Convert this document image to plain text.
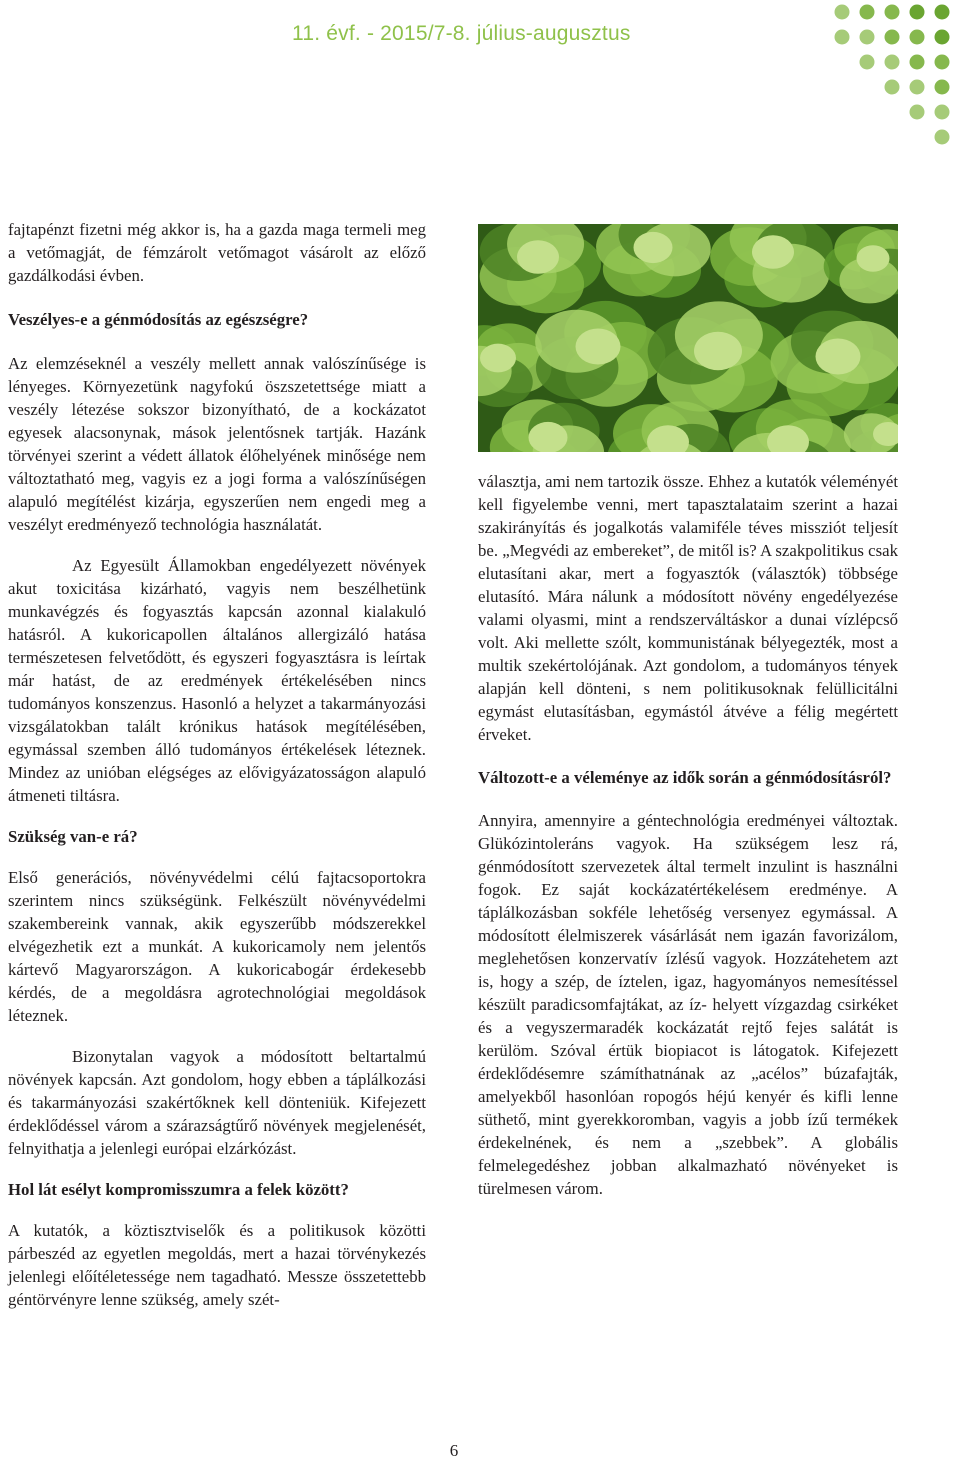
11. évf. - 2015/7-8. július-augusztus

fajtapénzt fizetni még akkor is, ha a gazda maga termeli meg a vetőmagját, de fémzárolt vetőmagot vásárolt az előző gazdálkodási évben.

Veszélyes-e a génmódosítás az egészségre?

Az elemzéseknél a veszély mellett annak valószínűsége is lényeges. Környezetünk nagyfokú öszszetettsége miatt a veszély létezése sokszor bizonyítható, de a kockázatot egyesek alacsonynak, mások jelentősnek tartják. Hazánk törvényei szerint a védett állatok élőhelyének minősége nem változtatható meg, vagyis ez a jogi forma a valószínűségen alapuló megítélést kizárja, egyszerűen nem engedi meg a veszélyt eredményező technológia használatát.

Az Egyesült Államokban engedélyezett növények akut toxicitása kizárható, vagyis nem beszélhetünk munkavégzés és fogyasztás kapcsán azonnal kialakuló hatásról. A kukoricapollen általános allergizáló hatása természetesen felvetődött, és egyszeri fogyasztásra is leírtak már hatást, de az eredmények értékelésében nincs tudományos konszenzus. Hasonló a helyzet a takarmányozási vizsgálatokban talált krónikus hatások megítélésében, egymással szemben álló tudományos értékelések léteznek. Mindez az unióban elégséges az elővigyázatosságon alapuló átmeneti tiltásra.

Szükség van-e rá?

Első generációs, növényvédelmi célú fajtacsoportokra szerintem nincs szükségünk. Felkészült növényvédelmi szakembereink vannak, akik egyszerűbb módszerekkel elvégezhetik ezt a munkát. A kukoricamoly nem jelentős kártevő Magyarországon. A kukoricabogár érdekesebb kérdés, de a megoldásra agrotechnológiai megoldások léteznek.

Bizonytalan vagyok a módosított beltartalmú növények kapcsán. Azt gondolom, hogy ebben a táplálkozási és takarmányozási szakértőknek kell dönteniük. Kifejezett érdeklődéssel várom a szárazságtűrő növények megjelenését, felnyithatja a jelenlegi európai elzárkózást.

Hol lát esélyt kompromisszumra a felek között?

A kutatók, a köztisztviselők és a politikusok közötti párbeszéd az egyetlen megoldás, mert a hazai törvénykezés jelenlegi előítéletessége nem tagadható. Messze összetettebb géntörvényre lenne szükség, amely szét-

választja, ami nem tartozik össze. Ehhez a kutatók véleményét kell figyelembe venni, mert tapasztalataim szerint a hazai szakirányítás és jogalkotás valamiféle téves missziót teljesít be. „Megvédi az embereket”, de mitől is? A szakpolitikus csak elutasítani akar, mert a fogyasztók (választók) többsége elutasító. Mára nálunk a módosított növény engedélyezése valami olyasmi, mint a rendszerváltáskor a dunai vízlépcső volt. Aki mellette szólt, kommunistának bélyegezték, most a multik szekértolójának. Azt gondolom, a tudományos tények alapján kell dönteni, s nem politikusoknak felüllicitálni egymást elutasításban, egymástól átvéve a félig megértett érveket.

Változott-e a véleménye az idők során a génmódosításról?

Annyira, amennyire a géntechnológia eredményei változtak. Glükózintoleráns vagyok. Ha szükségem lesz rá, génmódosított szervezetek által termelt inzulint is használni fogok. Ez saját kockázatértékelésem eredménye. A táplálkozásban sokféle lehetőség versenyez egymással. A módosított élelmiszerek vásárlását nem igazán favorizálom, meglehetősen konzervatív ízlésű vagyok. Hozzátehetem azt is, hogy a szép, de íztelen, igaz, hagyományos nemesítéssel készült paradicsomfajtákat, az íz- helyett vízgazdag csirkéket és a vegyszermaradék kockázatát rejtő fejes salátát is kerülöm. Szóval értük biopiacot is látogatok. Kifejezett érdeklődésemre számíthatnának az „acélos” búzafajták, amelyekből hasonlóan ropogós héjú kenyér és kifli lenne süthető, mint gyerekkoromban, vagyis a jobb ízű termékek érdekelnének, és nem a „szebbek”. A globális felmelegedéshez jobban alkalmazható növényeket is türelmesen várom.

6
